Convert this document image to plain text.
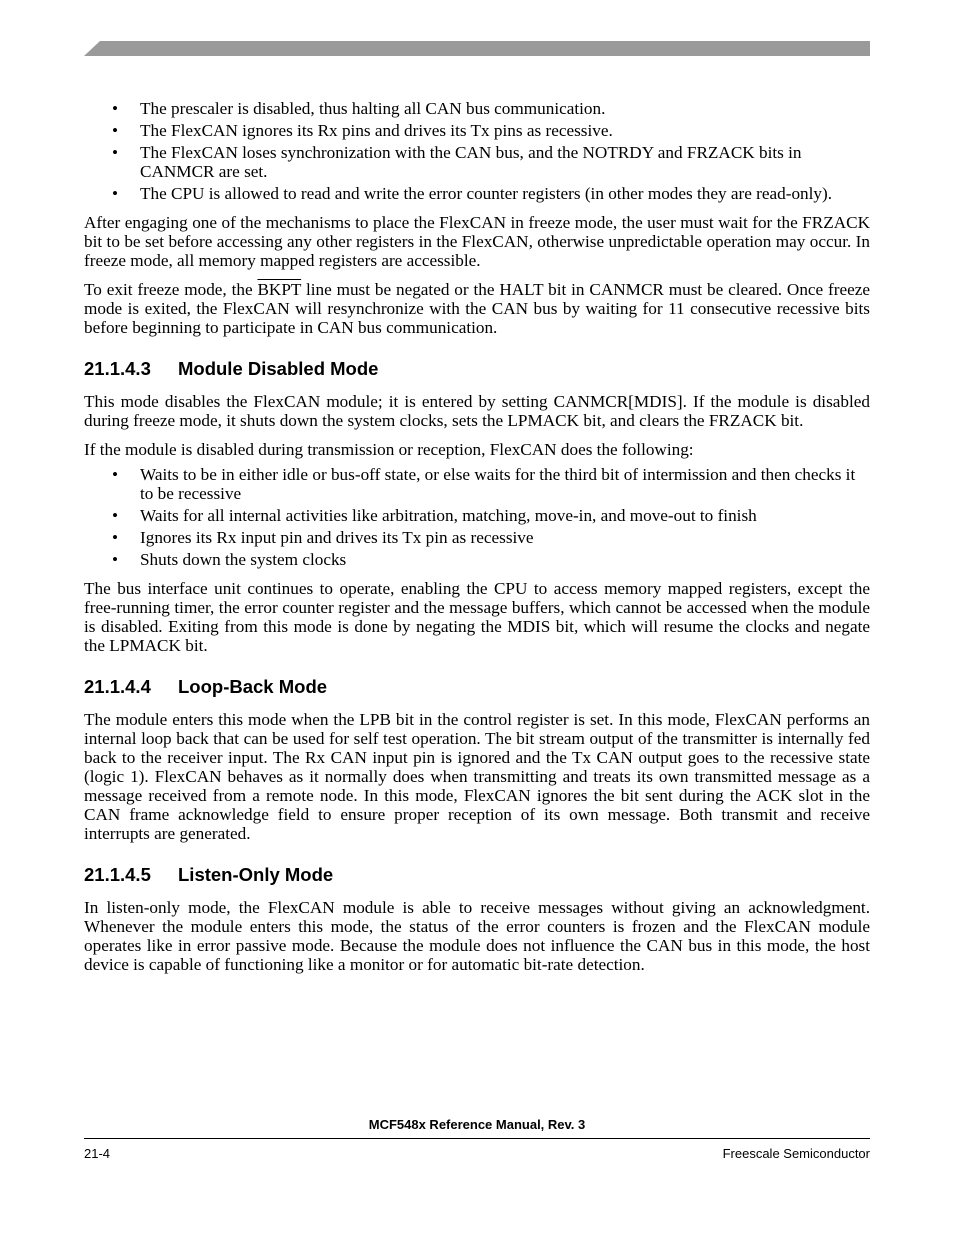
• The prescaler is disabled, thus halting all CAN bus communication.
• The FlexCAN ignores its Rx pins and drives its Tx pins as recessive.
• The FlexCAN loses synchronization with the CAN bus, and the NOTRDY and FRZACK bits in CANMCR are set.
• The CPU is allowed to read and write the error counter registers (in other modes they are read-only).

After engaging one of the mechanisms to place the FlexCAN in freeze mode, the user must wait for the FRZACK bit to be set before accessing any other registers in the FlexCAN, otherwise unpredictable operation may occur. In freeze mode, all memory mapped registers are accessible.

To exit freeze mode, the BKPT line must be negated or the HALT bit in CANMCR must be cleared. Once freeze mode is exited, the FlexCAN will resynchronize with the CAN bus by waiting for 11 consecutive recessive bits before beginning to participate in CAN bus communication.

21.1.4.3 Module Disabled Mode

This mode disables the FlexCAN module; it is entered by setting CANMCR[MDIS]. If the module is disabled during freeze mode, it shuts down the system clocks, sets the LPMACK bit, and clears the FRZACK bit.

If the module is disabled during transmission or reception, FlexCAN does the following:

• Waits to be in either idle or bus-off state, or else waits for the third bit of intermission and then checks it to be recessive
• Waits for all internal activities like arbitration, matching, move-in, and move-out to finish
• Ignores its Rx input pin and drives its Tx pin as recessive
• Shuts down the system clocks

The bus interface unit continues to operate, enabling the CPU to access memory mapped registers, except the free-running timer, the error counter register and the message buffers, which cannot be accessed when the module is disabled. Exiting from this mode is done by negating the MDIS bit, which will resume the clocks and negate the LPMACK bit.

21.1.4.4 Loop-Back Mode

The module enters this mode when the LPB bit in the control register is set. In this mode, FlexCAN performs an internal loop back that can be used for self test operation. The bit stream output of the transmitter is internally fed back to the receiver input. The Rx CAN input pin is ignored and the Tx CAN output goes to the recessive state (logic 1). FlexCAN behaves as it normally does when transmitting and treats its own transmitted message as a message received from a remote node. In this mode, FlexCAN ignores the bit sent during the ACK slot in the CAN frame acknowledge field to ensure proper reception of its own message. Both transmit and receive interrupts are generated.

21.1.4.5 Listen-Only Mode

In listen-only mode, the FlexCAN module is able to receive messages without giving an acknowledgment. Whenever the module enters this mode, the status of the error counters is frozen and the FlexCAN module operates like in error passive mode. Because the module does not influence the CAN bus in this mode, the host device is capable of functioning like a monitor or for automatic bit-rate detection.

MCF548x Reference Manual, Rev. 3
21-4	Freescale Semiconductor
